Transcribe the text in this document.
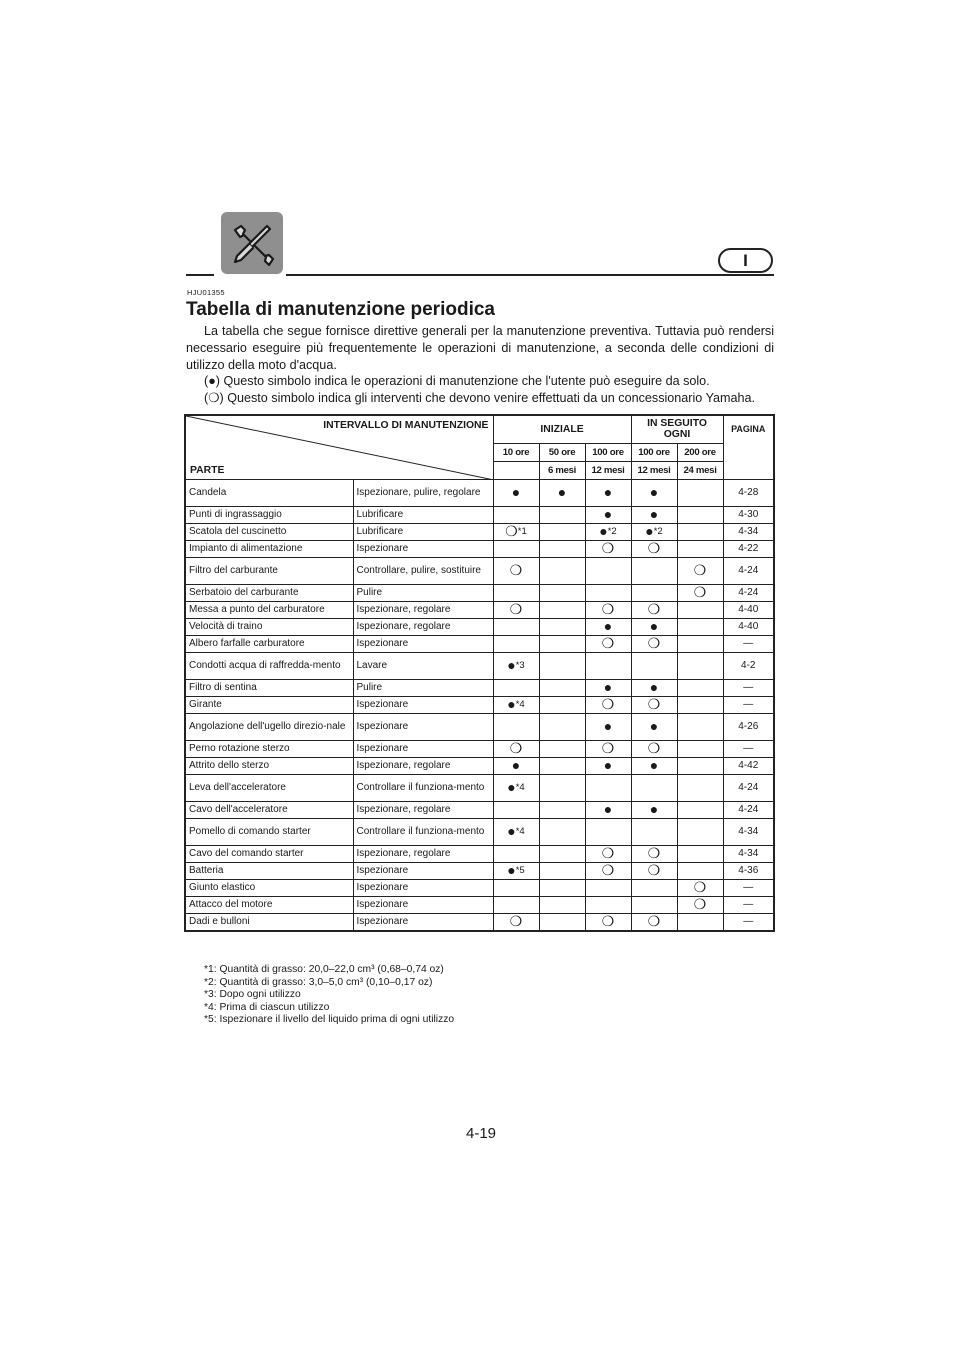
I
HJU01355
Tabella di manutenzione periodica

La tabella che segue fornisce direttive generali per la manutenzione preventiva. Tuttavia può rendersi necessario eseguire più frequentemente le operazioni di manutenzione, a seconda delle condizioni di utilizzo della moto d'acqua.

(●) Questo simbolo indica le operazioni di manutenzione che l'utente può eseguire da solo.
(❍) Questo simbolo indica gli interventi che devono venire effettuati da un concessionario Yamaha.
INTERVALLO DI MANUTENZIONE
PARTE		INIZIALE			IN SEGUITO OGNI		PAGINA
		10 ore	50 ore	100 ore	100 ore	200 ore	
			6 mesi	12 mesi	12 mesi	24 mesi	
Candela	Ispezionare, pulire, regolare	●	●	●	●		4-28
Punti di ingrassaggio	Lubrificare			●	●		4-30
Scatola del cuscinetto	Lubrificare	❍*1		●*2	●*2		4-34
Impianto di alimentazione	Ispezionare			❍	❍		4-22
Filtro del carburante	Controllare, pulire, sostituire	❍				❍	4-24
Serbatoio del carburante	Pulire					❍	4-24
Messa a punto del carburatore	Ispezionare, regolare	❍		❍	❍		4-40
Velocità di traino	Ispezionare, regolare			●	●		4-40
Albero farfalle carburatore	Ispezionare			❍	❍		—
Condotti acqua di raffredda-mento	Lavare	●*3					4-2
Filtro di sentina	Pulire			●	●		—
Girante	Ispezionare	●*4		❍	❍		—
Angolazione dell'ugello direzio-nale	Ispezionare			●	●		4-26
Perno rotazione sterzo	Ispezionare	❍		❍	❍		—
Attrito dello sterzo	Ispezionare, regolare	●		●	●		4-42
Leva dell'acceleratore	Controllare il funziona-mento	●*4					4-24
Cavo dell'acceleratore	Ispezionare, regolare			●	●		4-24
Pomello di comando starter	Controllare il funziona-mento	●*4					4-34
Cavo del comando starter	Ispezionare, regolare			❍	❍		4-34
Batteria	Ispezionare	●*5		❍	❍		4-36
Giunto elastico	Ispezionare					❍	—
Attacco del motore	Ispezionare					❍	—
Dadi e bulloni	Ispezionare	❍		❍	❍		—
*1: Quantità di grasso: 20,0–22,0 cm³ (0,68–0,74 oz)
*2: Quantità di grasso: 3,0–5,0 cm³ (0,10–0,17 oz)
*3: Dopo ogni utilizzo
*4: Prima di ciascun utilizzo
*5: Ispezionare il livello del liquido prima di ogni utilizzo
4-19
